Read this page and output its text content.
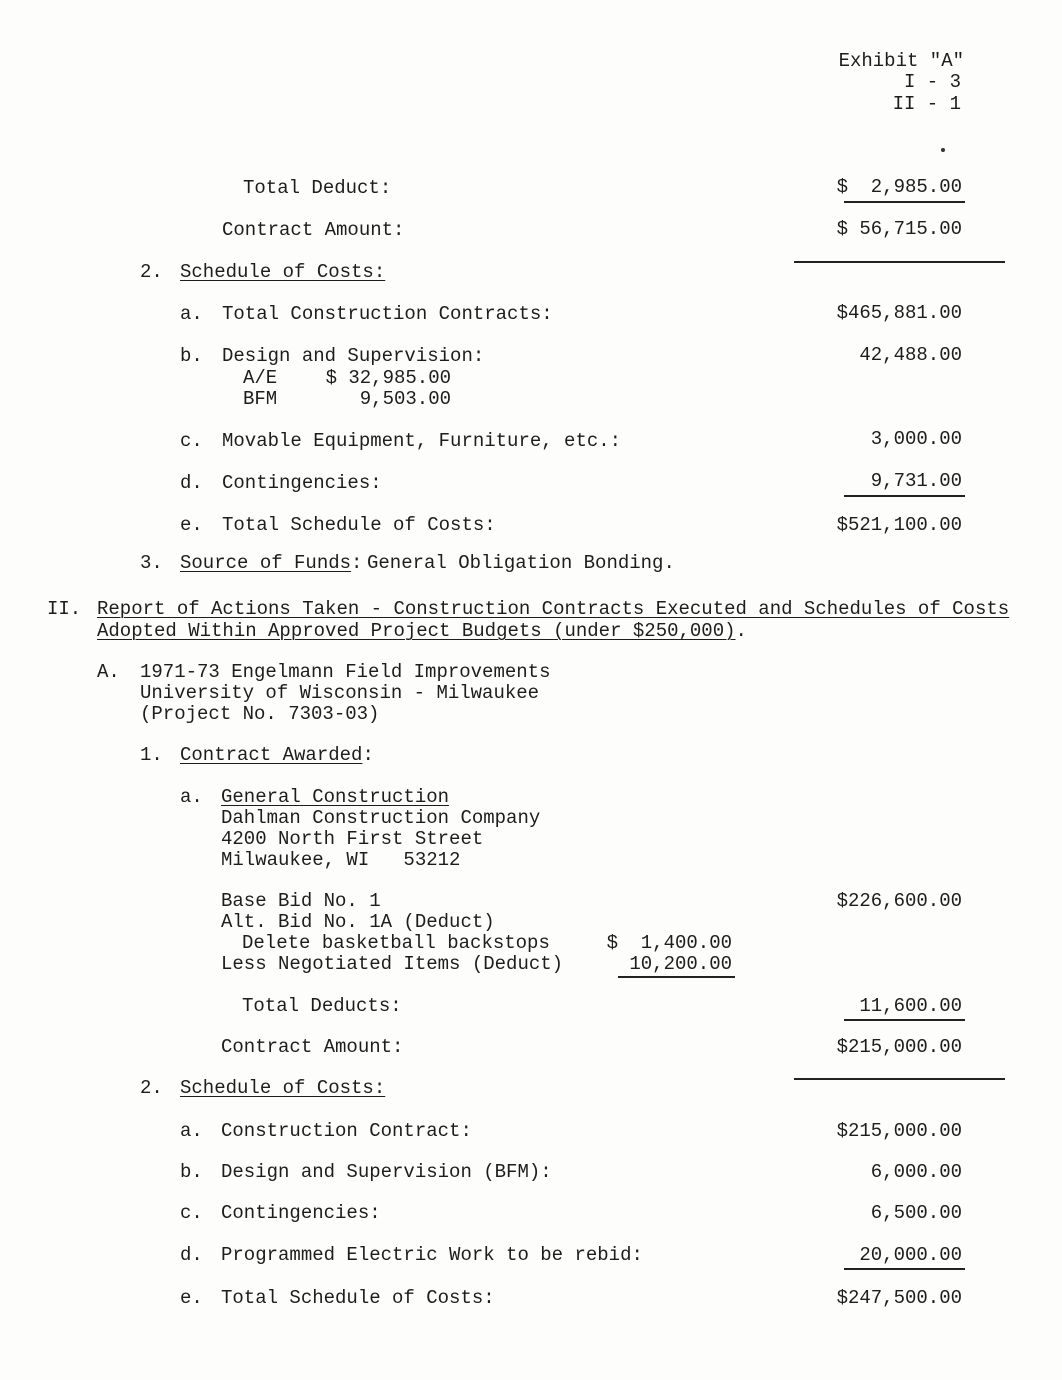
Exhibit "A"
I - 3
II - 1
Total Deduct:	$  2,985.00
Contract Amount:	$ 56,715.00
2. Schedule of Costs:
a. Total Construction Contracts:	$465,881.00
b. Design and Supervision:	42,488.00
A/E	$ 32,985.00
BFM	9,503.00
c. Movable Equipment, Furniture, etc.:	3,000.00
d. Contingencies:	9,731.00
e. Total Schedule of Costs:	$521,100.00
3. Source of Funds: General Obligation Bonding.
II. Report of Actions Taken - Construction Contracts Executed and Schedules of Costs
Adopted Within Approved Project Budgets (under $250,000).
A. 1971-73 Engelmann Field Improvements
University of Wisconsin - Milwaukee
(Project No. 7303-03)
1. Contract Awarded:
a. General Construction
Dahlman Construction Company
4200 North First Street
Milwaukee, WI   53212
Base Bid No. 1	$226,600.00
Alt. Bid No. 1A (Deduct)
Delete basketball backstops	$  1,400.00
Less Negotiated Items (Deduct)	10,200.00
Total Deducts:	11,600.00
Contract Amount:	$215,000.00
2. Schedule of Costs:
a. Construction Contract:	$215,000.00
b. Design and Supervision (BFM):	6,000.00
c. Contingencies:	6,500.00
d. Programmed Electric Work to be rebid:	20,000.00
e. Total Schedule of Costs:	$247,500.00
